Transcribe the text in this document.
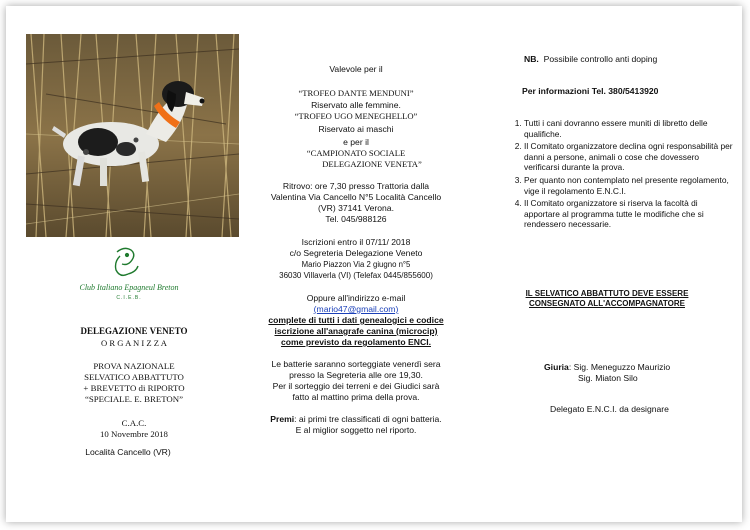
Club Italiano Epagneul Breton
C.I.E.B.
DELEGAZIONE VENETO
O R G A N I Z Z A
PROVA NAZIONALE
SELVATICO ABBATTUTO
+ BREVETTO di RIPORTO
“SPECIALE. E. BRETON”
C.A.C.
10 Novembre 2018
Località Cancello (VR)
Valevole per il
“TROFEO DANTE MENDUNI”
Riservato alle femmine.
“TROFEO UGO MENEGHELLO”
Riservato ai maschi
e per il
“CAMPIONATO SOCIALE
DELEGAZIONE VENETA”
Ritrovo: ore 7,30 presso Trattoria dalla
Valentina Via Cancello N°5 Località Cancello
(VR) 37141 Verona.
Tel. 045/988126
Iscrizioni entro il 07/11/ 2018
c/o Segreteria Delegazione Veneto
Mario Piazzon Via 2 giugno n°5
36030 Villaverla (VI) (Telefax 0445/855600)
Oppure all'indirizzo e-mail
(mario47@gmail.com)
complete di tutti i dati genealogici e codice
iscrizione all'anagrafe canina (microcip)
come previsto da regolamento ENCI.
Le batterie saranno sorteggiate venerdì sera
presso la Segreteria alle ore 19,30.
Per il sorteggio dei terreni e dei Giudici sarà
fatto al mattino prima della prova.
Premi: ai primi tre classificati di ogni batteria.
E al miglior soggetto nel riporto.
NB. Possibile controllo anti doping
Per informazioni Tel. 380/5413920
1. Tutti i cani dovranno essere muniti di libretto delle qualifiche.
2. Il Comitato organizzatore declina ogni responsabilità per danni a persone, animali o cose che dovessero verificarsi durante la prova.
3. Per quanto non contemplato nel presente regolamento, vige il regolamento E.N.C.I.
4. Il Comitato organizzatore si riserva la facoltà di apportare al programma tutte le modifiche che si rendessero necessarie.
IL SELVATICO ABBATTUTO DEVE ESSERE
CONSEGNATO ALL'ACCOMPAGNATORE
Giuria: Sig. Meneguzzo Maurizio
Sig. Miaton Silo
Delegato E.N.C.I. da designare
